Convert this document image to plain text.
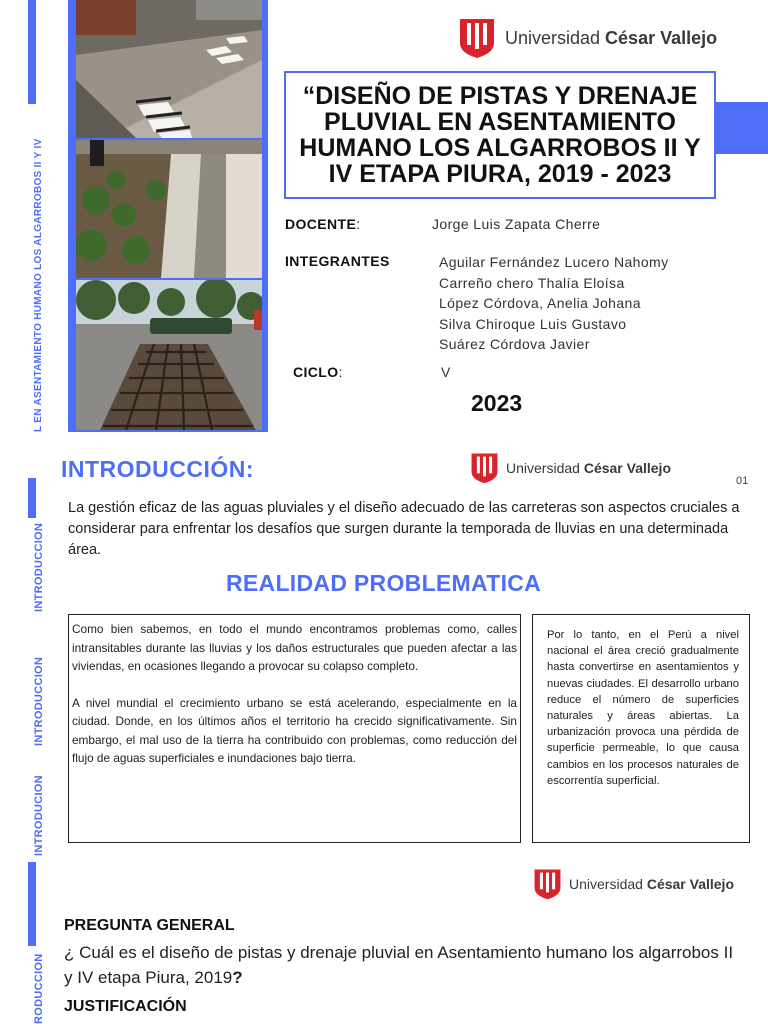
L EN ASENTAMIENTO HUMANO LOS ALGARROBOS II Y IV
INTRODUCCION
INTRODUCCION
INTRODUCION
RODUCCION
Universidad César Vallejo
“DISEÑO DE PISTAS Y DRENAJE PLUVIAL EN ASENTAMIENTO HUMANO LOS ALGARROBOS II Y IV ETAPA PIURA, 2019 - 2023
DOCENTE:	Jorge Luis Zapata Cherre
INTEGRANTES	Aguilar Fernández Lucero Nahomy
Carreño chero Thalía Eloísa
López Córdova, Anelia Johana
Silva Chiroque Luis Gustavo
Suárez Córdova Javier
CICLO:	V
2023
INTRODUCCIÓN:	Universidad César Vallejo
01
La gestión eficaz de las aguas pluviales y el diseño adecuado de las carreteras son aspectos cruciales a considerar para enfrentar los desafíos que surgen durante la temporada de lluvias en una determinada área.
REALIDAD PROBLEMATICA
Como bien sabemos, en todo el mundo encontramos problemas como, calles intransitables durante las lluvias y los daños estructurales que pueden afectar a las viviendas, en ocasiones llegando a provocar su colapso completo.
A nivel mundial el crecimiento urbano se está acelerando, especialmente en la ciudad. Donde, en los últimos años el territorio ha crecido significativamente. Sin embargo, el mal uso de la tierra ha contribuido con problemas, como reducción del flujo de aguas superficiales e inundaciones bajo tierra.
Por lo tanto, en el Perú a nivel nacional el área creció gradualmente hasta convertirse en asentamientos y nuevas ciudades. El desarrollo urbano reduce el número de superficies naturales y áreas abiertas. La urbanización provoca una pérdida de superficie permeable, lo que causa cambios en los procesos naturales de escorrentía superficial.
Universidad César Vallejo
PREGUNTA GENERAL
¿ Cuál es el diseño de pistas y drenaje pluvial en Asentamiento humano los algarrobos II y IV etapa Piura, 2019?
JUSTIFICACIÓN
